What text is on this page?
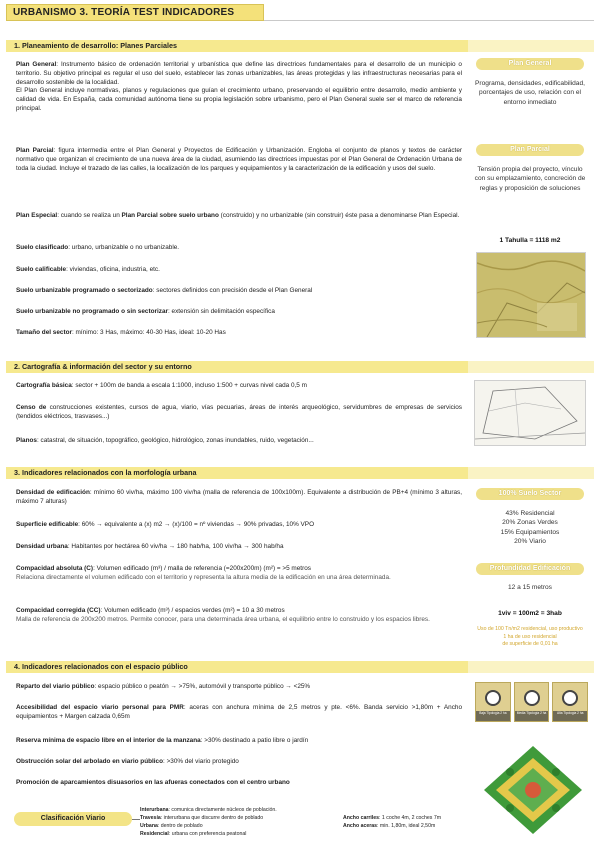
URBANISMO 3. TEORÍA TEST INDICADORES
1. Planeamiento de desarrollo: Planes Parciales
Plan General: Instrumento básico de ordenación territorial y urbanística que define las directrices fundamentales para el desarrollo de un municipio o territorio. Su objetivo principal es regular el uso del suelo, establecer las zonas urbanizables, las áreas protegidas y las infraestructuras necesarias para el desarrollo sostenible de la localidad.
El Plan General incluye normativas, planos y regulaciones que guían el crecimiento urbano, preservando el equilibrio entre desarrollo, medio ambiente y calidad de vida. En España, cada comunidad autónoma tiene su propia legislación sobre urbanismo, pero el Plan General suele ser el marco de referencia principal.
Plan Parcial: figura intermedia entre el Plan General y Proyectos de Edificación y Urbanización. Engloba el conjunto de planos y textos de carácter normativo que organizan el crecimiento de una nueva área de la ciudad, asumiendo las directrices impuestas por el Plan General de Ordenación Urbana de toda la ciudad. Incluye el trazado de las calles, la localización de los parques y equipamientos y la caracterización de la edificación y usos del suelo.
Plan Especial: cuando se realiza un Plan Parcial sobre suelo urbano (construido) y no urbanizable (sin construir) éste pasa a denominarse Plan Especial.
Suelo clasificado: urbano, urbanizable o no urbanizable.
Suelo calificable: viviendas, oficina, industria, etc.
Suelo urbanizable programado o sectorizado: sectores definidos con precisión desde el Plan General
Suelo urbanizable no programado o sin sectorizar: extensión sin delimitación específica
Tamaño del sector: mínimo: 3 Has, máximo: 40-30 Has, ideal: 10-20 Has
2. Cartografía & información del sector y su entorno
Cartografía básica: sector + 100m de banda a escala 1:1000, incluso 1:500 + curvas nivel cada 0,5 m
Censo de construcciones existentes, cursos de agua, viario, vías pecuarias, áreas de interés arqueológico, servidumbres de empresas de servicios (tendidos eléctricos, trasvases...)
Planos: catastral, de situación, topográfico, geológico, hidrológico, zonas inundables, ruido, vegetación...
3. Indicadores relacionados con la morfología urbana
Densidad de edificación: mínimo 60 viv/ha, máximo 100 viv/ha (malla de referencia de 100x100m). Equivalente a distribución de PB+4 (mínimo 3 alturas, máximo 7 alturas)
Superficie edificable: 60% → equivalente a (x) m2 → (x)/100 = nº viviendas → 90% privadas, 10% VPO
Densidad urbana: Habitantes por hectárea 60 viv/ha → 180 hab/ha, 100 viv/ha → 300 hab/ha
Compacidad absoluta (C): Volumen edificado (m³) / malla de referencia (=200x200m) (m²) = >5 metros
Relaciona directamente el volumen edificado con el territorio y representa la altura media de la edificación en una área determinada.
Compacidad corregida (CC): Volumen edificado (m³) / espacios verdes (m²) = 10 a 30 metros
Malla de referencia de 200x200 metros. Permite conocer, para una determinada área urbana, el equilibrio entre lo construido y los espacios libres.
4. Indicadores relacionados con el espacio público
Reparto del viario público: espacio público o peatón → >75%, automóvil y transporte público → <25%
Accesibilidad del espacio viario personal para PMR: aceras con anchura mínima de 2,5 metros y pte. <6%. Banda servicio >1,80m + Ancho equipamientos + Margen calzada 0,65m
Reserva mínima de espacio libre en el interior de la manzana: >30% destinado a patio libre o jardín
Obstrucción solar del arbolado en viario público: >30% del viario protegido
Promoción de aparcamientos disuasorios en las afueras conectados con el centro urbano
Clasificación Viario
Interurbana: comunica directamente núcleos de población.
Travesía: interurbana que discurre dentro de poblado
Urbana: dentro de poblado
Residencial: urbana con preferencia peatonal
Ancho carriles: 1 coche 4m, 2 coches 7m
Ancho aceras: min. 1,80m, ideal 2,50m
Plan General
Programa, densidades, edificabilidad, porcentajes de uso, relación con el entorno inmediato
Plan Parcial
Tensión propia del proyecto, vínculo con su emplazamiento, concreción de reglas y proposición de soluciones
1 Tahulla = 1118 m2
100% Suelo Sector
43% Residencial
20% Zonas Verdes
15% Equipamientos
20% Viario
Profundidad Edificación
12 a 15 metros
1viv = 100m2 = 3hab
Uso de 100 Tn/m2 residencial, uso productivo
1 ha de uso residencial
de superficie de 0,01 ha
Baja Tipología 2 ha	Media Tipología 2 ha	Alta Tipología 2 ha
